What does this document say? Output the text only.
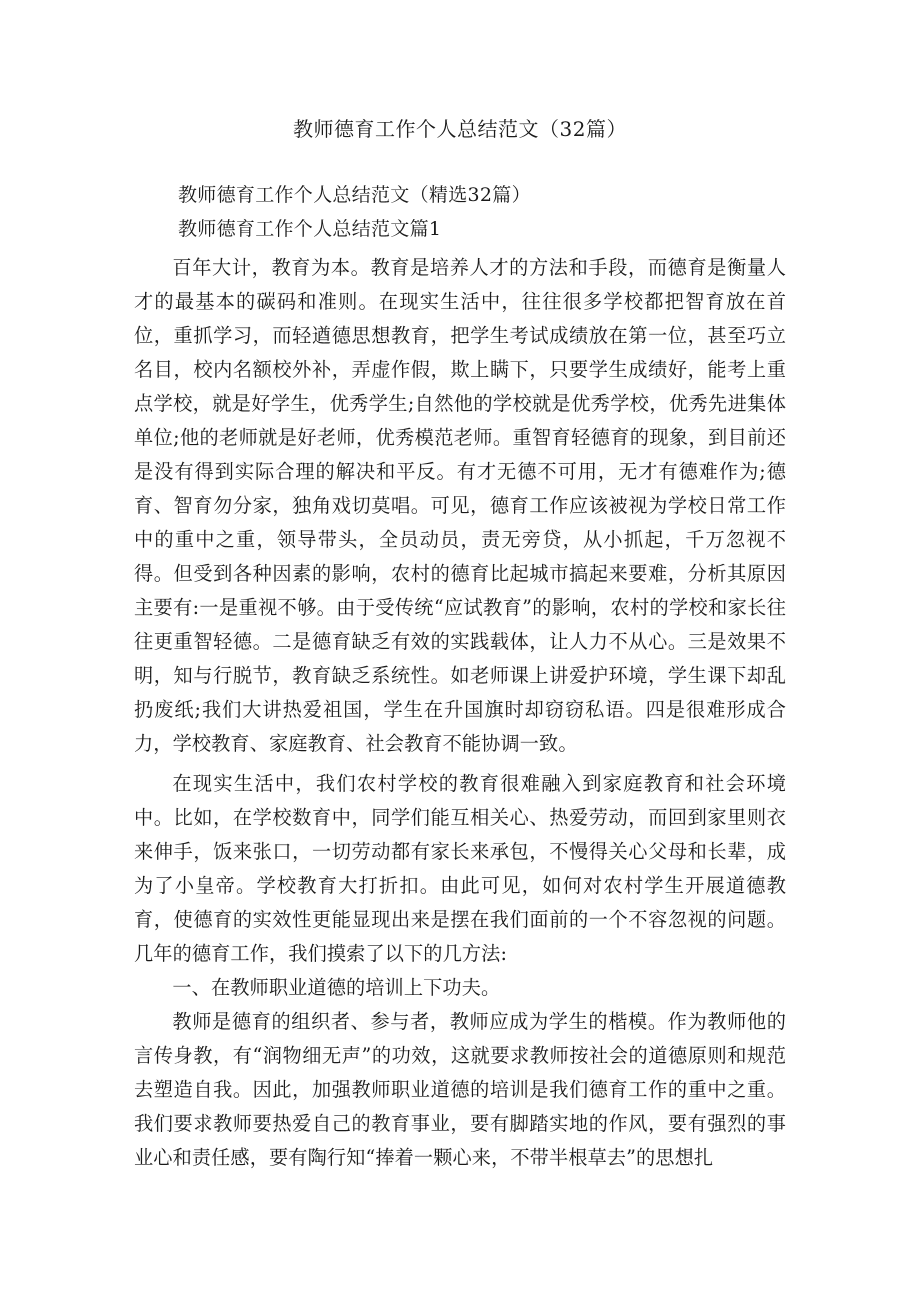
教师德育工作个人总结范文（32篇）
教师德育工作个人总结范文（精选32篇）
教师德育工作个人总结范文篇1

百年大计，教育为本。教育是培养人才的方法和手段，而德育是衡量人才的最基本的碳码和准则。在现实生活中，往往很多学校都把智育放在首位，重抓学习，而轻遒德思想教育，把学生考试成绩放在第一位，甚至巧立名目，校内名额校外补，弄虚作假，欺上瞒下，只要学生成绩好，能考上重点学校，就是好学生，优秀学生;自然他的学校就是优秀学校，优秀先进集体单位;他的老师就是好老师，优秀模范老师。重智育轻德育的现象，到目前还是没有得到实际合理的解决和平反。有才无德不可用，无才有德难作为;德育、智育勿分家，独角戏切莫唱。可见，德育工作应该被视为学校日常工作中的重中之重，领导带头，全员动员，责无旁贷，从小抓起，千万忽视不得。但受到各种因素的影响，农村的德育比起城市搞起来要难，分析其原因主要有:一是重视不够。由于受传统“应试教育”的影响，农村的学校和家长往往更重智轻德。二是德育缺乏有效的实践载体，让人力不从心。三是效果不明，知与行脱节，教育缺乏系统性。如老师课上讲爱护环境，学生课下却乱扔废纸;我们大讲热爱祖国，学生在升国旗时却窃窃私语。四是很难形成合力，学校教育、家庭教育、社会教育不能协调一致。

在现实生活中，我们农村学校的教育很难融入到家庭教育和社会环境中。比如，在学校数育中，同学们能互相关心、热爱劳动，而回到家里则衣来伸手，饭来张口，一切劳动都有家长来承包，不慢得关心父母和长辈，成为了小皇帝。学校教育大打折扣。由此可见，如何对农村学生开展道德教育，使德育的实效性更能显现出来是摆在我们面前的一个不容忽视的问题。几年的德育工作，我们摸索了以下的几方法:

一、在教师职业道德的培训上下功夫。

教师是德育的组织者、参与者，教师应成为学生的楷模。作为教师他的言传身教，有“润物细无声”的功效，这就要求教师按社会的道德原则和规范去塑造自我。因此，加强教师职业道德的培训是我们德育工作的重中之重。我们要求教师要热爱自己的教育事业，要有脚踏实地的作风，要有强烈的事业心和责任感，要有陶行知“捧着一颗心来，不带半根草去”的思想扎
